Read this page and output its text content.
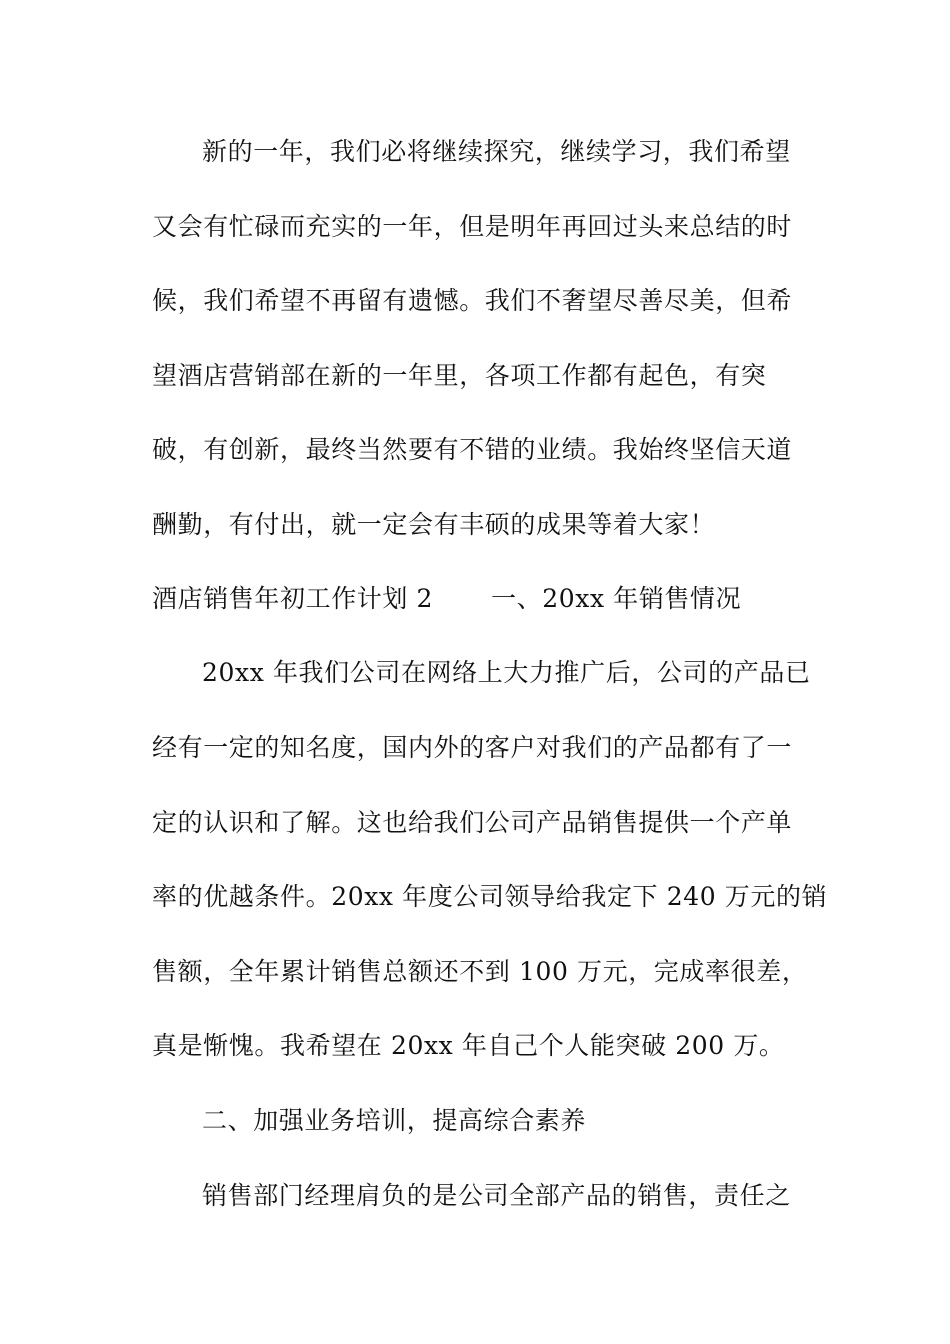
新的一年，我们必将继续探究，继续学习，我们希望
又会有忙碌而充实的一年，但是明年再回过头来总结的时
候，我们希望不再留有遗憾。我们不奢望尽善尽美，但希
望酒店营销部在新的一年里，各项工作都有起色，有突
破，有创新，最终当然要有不错的业绩。我始终坚信天道
酬勤，有付出，就一定会有丰硕的成果等着大家！
酒店销售年初工作计划 2 一、20xx 年销售情况
20xx 年我们公司在网络上大力推广后，公司的产品已
经有一定的知名度，国内外的客户对我们的产品都有了一
定的认识和了解。这也给我们公司产品销售提供一个产单
率的优越条件。20xx 年度公司领导给我定下 240 万元的销
售额，全年累计销售总额还不到 100 万元，完成率很差，
真是惭愧。我希望在 20xx 年自己个人能突破 200 万。
二、加强业务培训，提高综合素养
销售部门经理肩负的是公司全部产品的销售，责任之
